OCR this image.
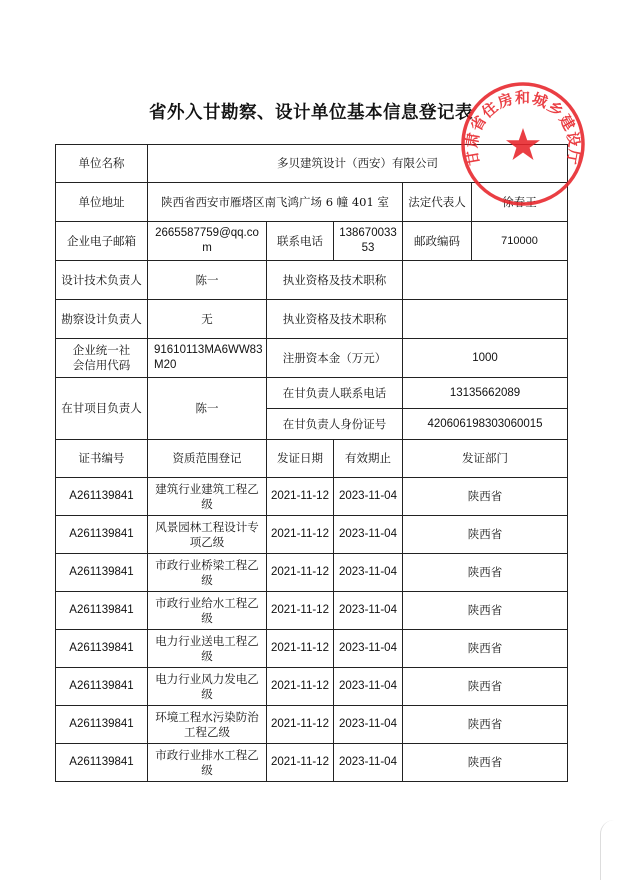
省外入甘勘察、设计单位基本信息登记表
单位名称	多贝建筑设计（西安）有限公司			
单位地址	陕西省西安市雁塔区南飞鸿广场 6 幢 401 室			法定代表人 徐春王

企业电子邮箱	2665587759@qq.com	联系电话	13867003353	邮政编码 710000

设计技术负责人	陈一	执业资格及技术职称		
勘察设计负责人	无	执业资格及技术职称		
企业统一社会信用代码	91610113MA6WW83M20	注册资本金（万元）		1000
在甘项目负责人	陈一	在甘负责人联系电话		13135662089
		在甘负责人身份证号		420606198303060015
证书编号	资质范围登记	发证日期	有效期止	发证部门
A261139841	建筑行业建筑工程乙级	2021-11-12	2023-11-04	陕西省
A261139841	风景园林工程设计专项乙级	2021-11-12	2023-11-04	陕西省
A261139841	市政行业桥梁工程乙级	2021-11-12	2023-11-04	陕西省
A261139841	市政行业给水工程乙级	2021-11-12	2023-11-04	陕西省
A261139841	电力行业送电工程乙级	2021-11-12	2023-11-04	陕西省
A261139841	电力行业风力发电乙级	2021-11-12	2023-11-04	陕西省
A261139841	环境工程水污染防治工程乙级	2021-11-12	2023-11-04	陕西省
A261139841	市政行业排水工程乙级	2021-11-12	2023-11-04	陕西省
甘肃省住房和城乡建设厅
